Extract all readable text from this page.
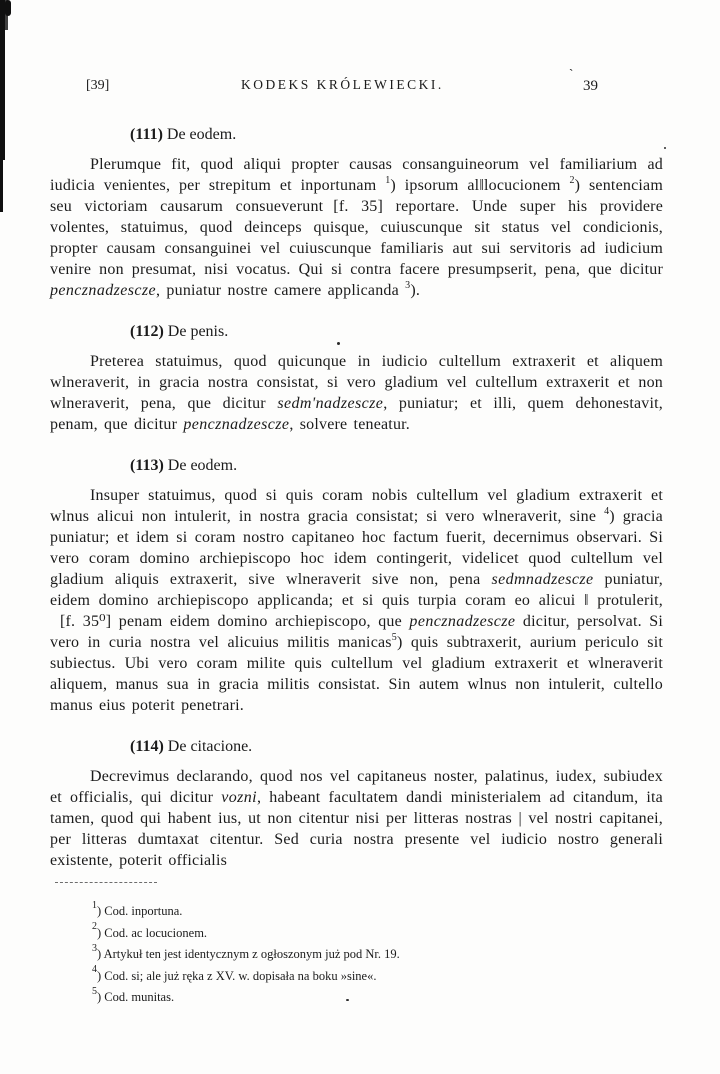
[39]	KODEKS KRÓLEWIECKI.
ˋ
39
(111) De eodem.

Plerumque fit, quod aliqui propter causas consanguineorum vel familiarium ad iudicia venientes, per strepitum et inportunam $^1$) ipsorum al‖locucionem $^2$) sentenciam seu victoriam causarum consueverunt [f. 35] reportare. Unde super his providere volentes, statuimus, quod deinceps quisque, cuiuscunque sit status vel condicionis, propter causam consanguinei vel cuiuscunque familiaris aut sui servitoris ad iudicium venire non presumat, nisi vocatus. Qui si contra facere presumpserit, pena, que dicitur pencznadzescze, puniatur nostre camere applicanda $^3$).

(112) De penis.

Preterea statuimus, quod quicunque in iudicio cultellum extraxerit et aliquem wlneraverit, in gracia nostra consistat, si vero gladium vel cultellum extraxerit et non wlneraverit, pena, que dicitur sedm'nadzescze, puniatur; et illi, quem dehonestavit, penam, que dicitur pencznadzescze, solvere teneatur.

(113) De eodem.

Insuper statuimus, quod si quis coram nobis cultellum vel gladium extraxerit et wlnus alicui non intulerit, in nostra gracia consistat; si vero wlneraverit, sine $^4$) gracia puniatur; et idem si coram nostro capitaneo hoc factum fuerit, decernimus observari. Si vero coram domino archiepiscopo hoc idem contingerit, videlicet quod cultellum vel gladium aliquis extraxerit, sive wlneraverit sive non, pena sedmnadzescze puniatur, eidem domino archiepiscopo applicanda; et si quis turpia coram eo alicui ‖ protulerit,[f. 35⁰] penam eidem domino archiepiscopo, que pencznadzescze dicitur, persolvat. Si vero in curia nostra vel alicuius militis manicas$^5$) quis subtraxerit, aurium periculo sit subiectus. Ubi vero coram milite quis cultellum vel gladium extraxerit et wlneraverit aliquem, manus sua in gracia militis consistat. Sin autem wlnus non intulerit, cultello manus eius poterit penetrari.

(114) De citacione.

Decrevimus declarando, quod nos vel capitaneus noster, palatinus, iudex, subiudex et officialis, qui dicitur vozni, habeant facultatem dandi ministerialem ad citandum, ita tamen, quod qui habent ius, ut non citentur nisi per litteras nostras | vel nostri capitanei, per litteras dumtaxat citentur. Sed curia nostra presente vel iudicio nostro generali existente, poterit officialis

$^1$) Cod. inportuna.
$^2$) Cod. ac locucionem.
$^3$) Artykuł ten jest identycznym z ogłoszonym już pod Nr. 19.
$^4$) Cod. si; ale już ręka z XV. w. dopisała na boku »sine«.
$^5$) Cod. munitas.
